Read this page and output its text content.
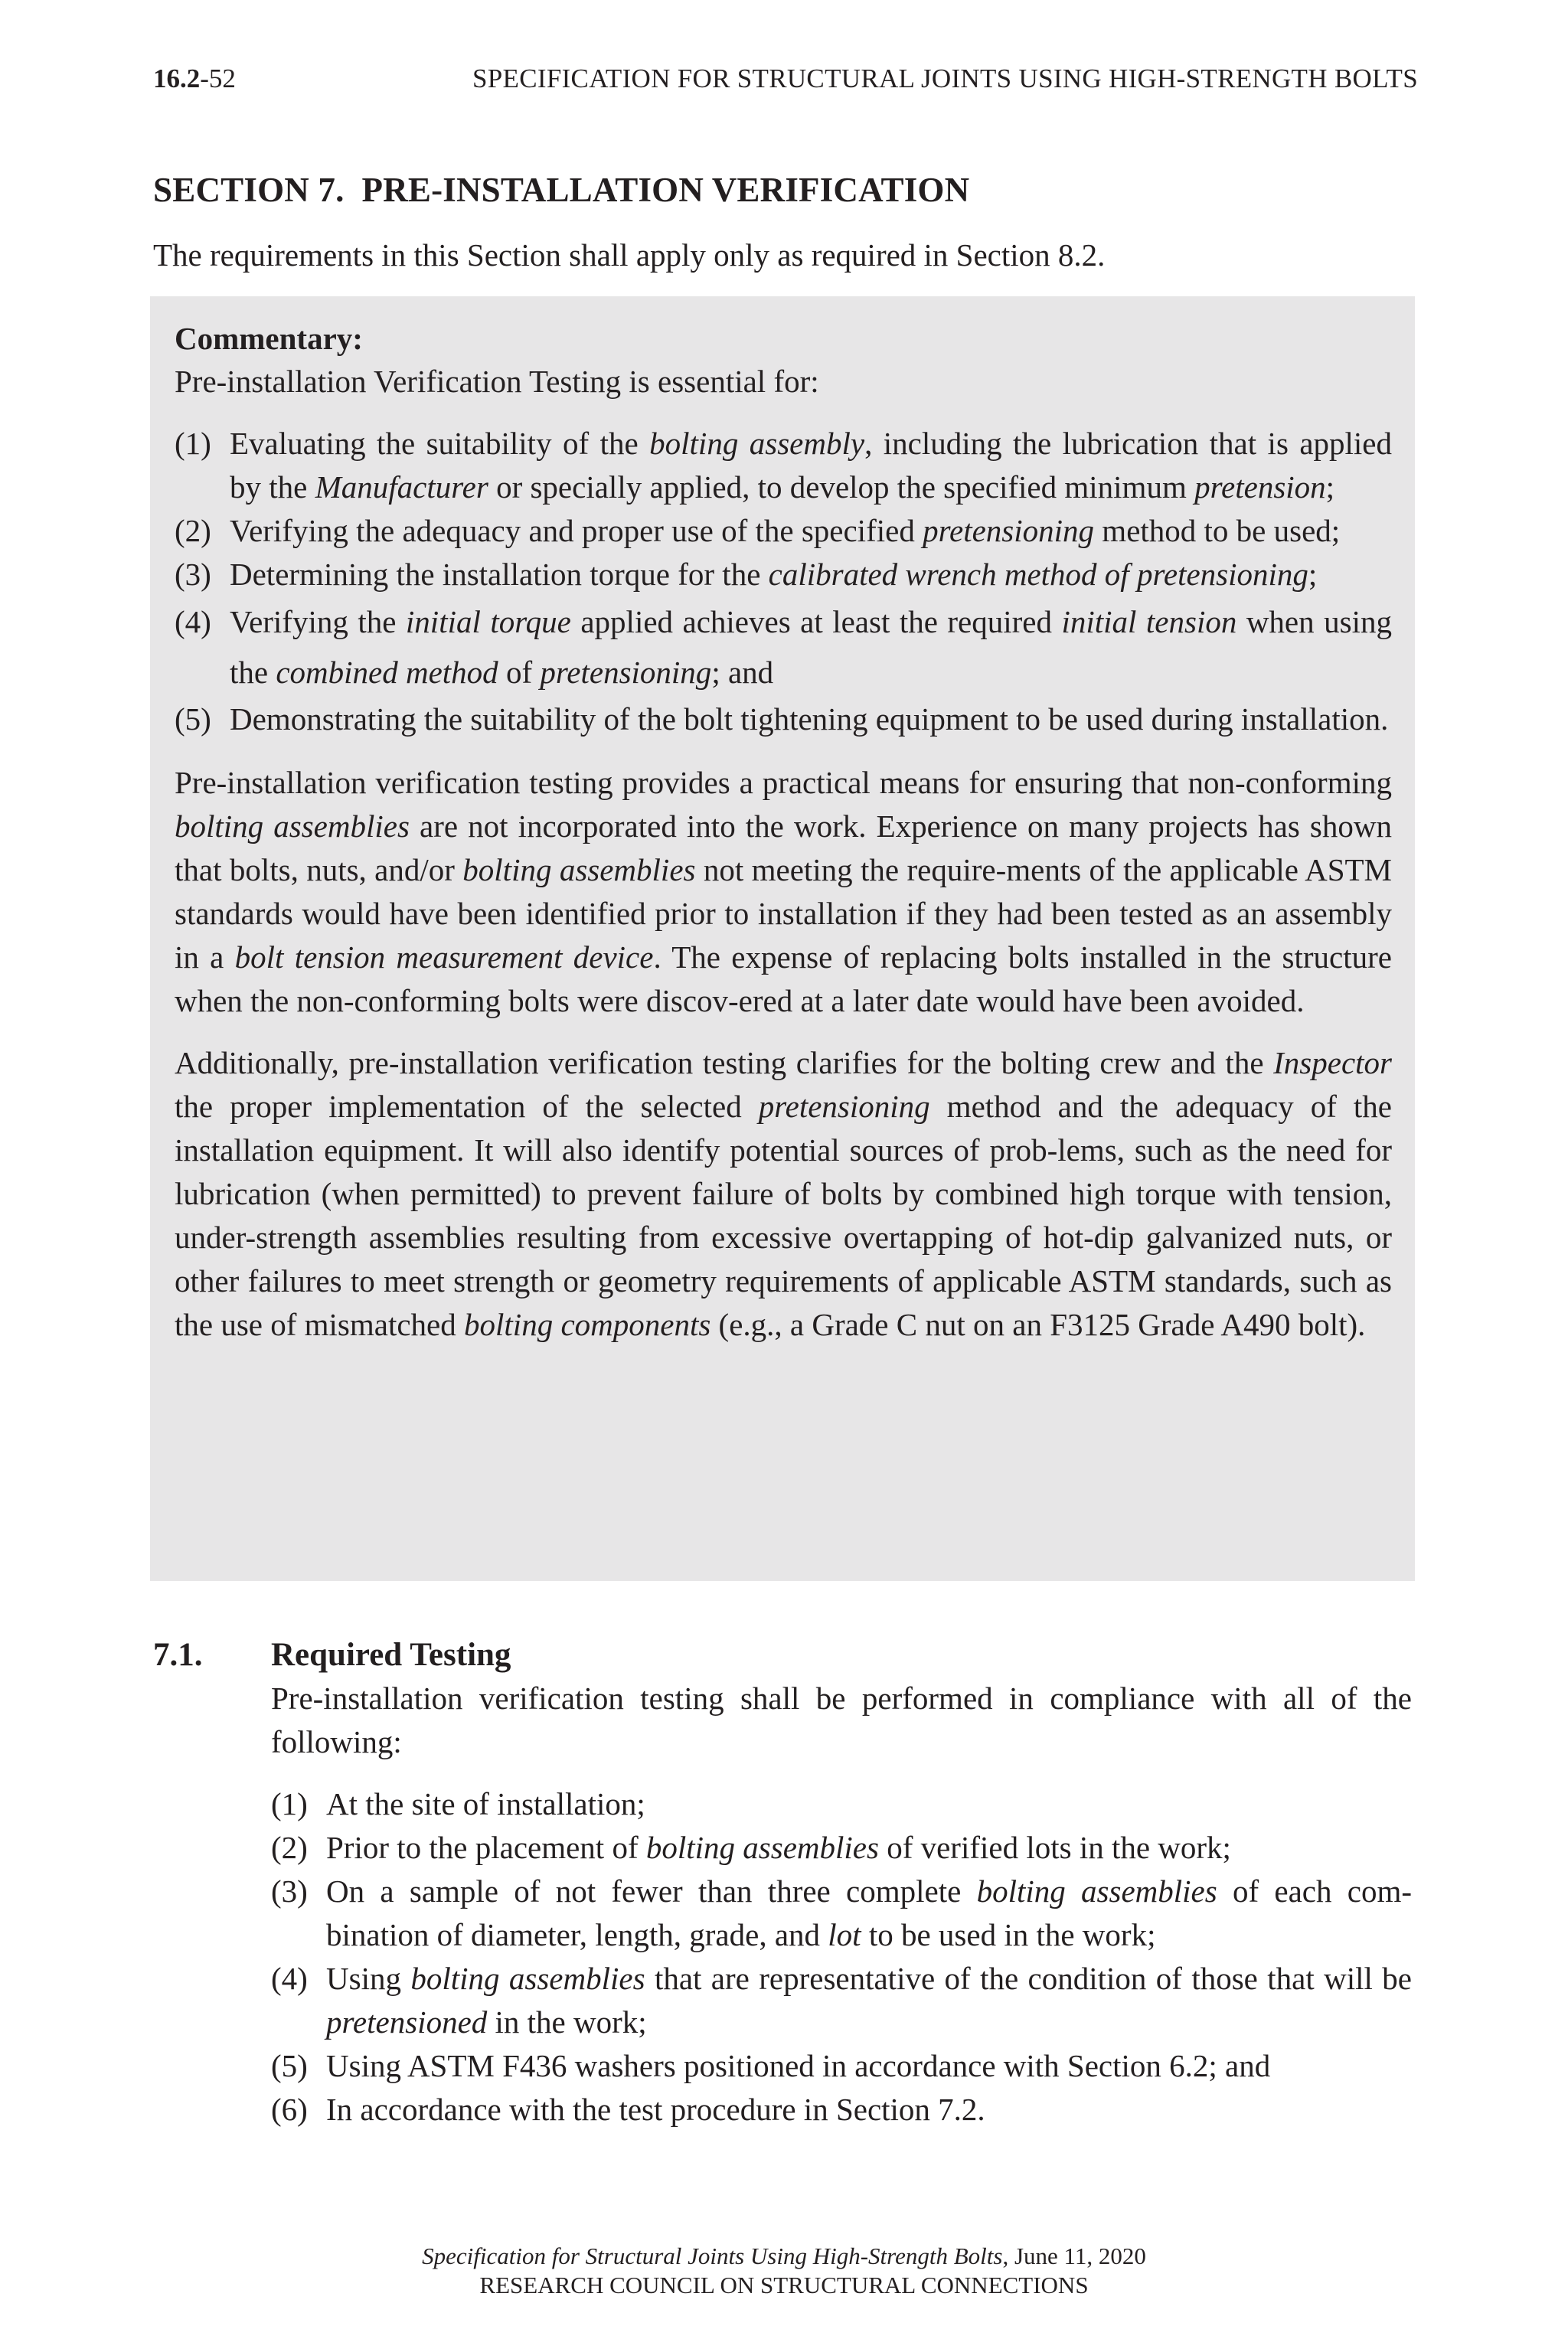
16.2-52	SPECIFICATION FOR STRUCTURAL JOINTS USING HIGH-STRENGTH BOLTS
SECTION 7.  PRE-INSTALLATION VERIFICATION
The requirements in this Section shall apply only as required in Section 8.2.
Commentary:
Pre-installation Verification Testing is essential for:
(1) Evaluating the suitability of the bolting assembly, including the lubrication that is applied by the Manufacturer or specially applied, to develop the specified minimum pretension;
(2) Verifying the adequacy and proper use of the specified pretensioning method to be used;
(3) Determining the installation torque for the calibrated wrench method of pretensioning;
(4) Verifying the initial torque applied achieves at least the required initial tension when using the combined method of pretensioning; and
(5) Demonstrating the suitability of the bolt tightening equipment to be used during installation.

Pre-installation verification testing provides a practical means for ensuring that non-conforming bolting assemblies are not incorporated into the work. Experience on many projects has shown that bolts, nuts, and/or bolting assemblies not meeting the require-ments of the applicable ASTM standards would have been identified prior to installation if they had been tested as an assembly in a bolt tension measurement device. The expense of replacing bolts installed in the structure when the non-conforming bolts were discov-ered at a later date would have been avoided.

Additionally, pre-installation verification testing clarifies for the bolting crew and the Inspector the proper implementation of the selected pretensioning method and the adequacy of the installation equipment. It will also identify potential sources of prob-lems, such as the need for lubrication (when permitted) to prevent failure of bolts by combined high torque with tension, under-strength assemblies resulting from excessive overtapping of hot-dip galvanized nuts, or other failures to meet strength or geometry requirements of applicable ASTM standards, such as the use of mismatched bolting components (e.g., a Grade C nut on an F3125 Grade A490 bolt).

7.1. Required Testing
Pre-installation verification testing shall be performed in compliance with all of the following:
(1) At the site of installation;
(2) Prior to the placement of bolting assemblies of verified lots in the work;
(3) On a sample of not fewer than three complete bolting assemblies of each com-bination of diameter, length, grade, and lot to be used in the work;
(4) Using bolting assemblies that are representative of the condition of those that will be pretensioned in the work;
(5) Using ASTM F436 washers positioned in accordance with Section 6.2; and
(6) In accordance with the test procedure in Section 7.2.
Specification for Structural Joints Using High-Strength Bolts, June 11, 2020
RESEARCH COUNCIL ON STRUCTURAL CONNECTIONS
